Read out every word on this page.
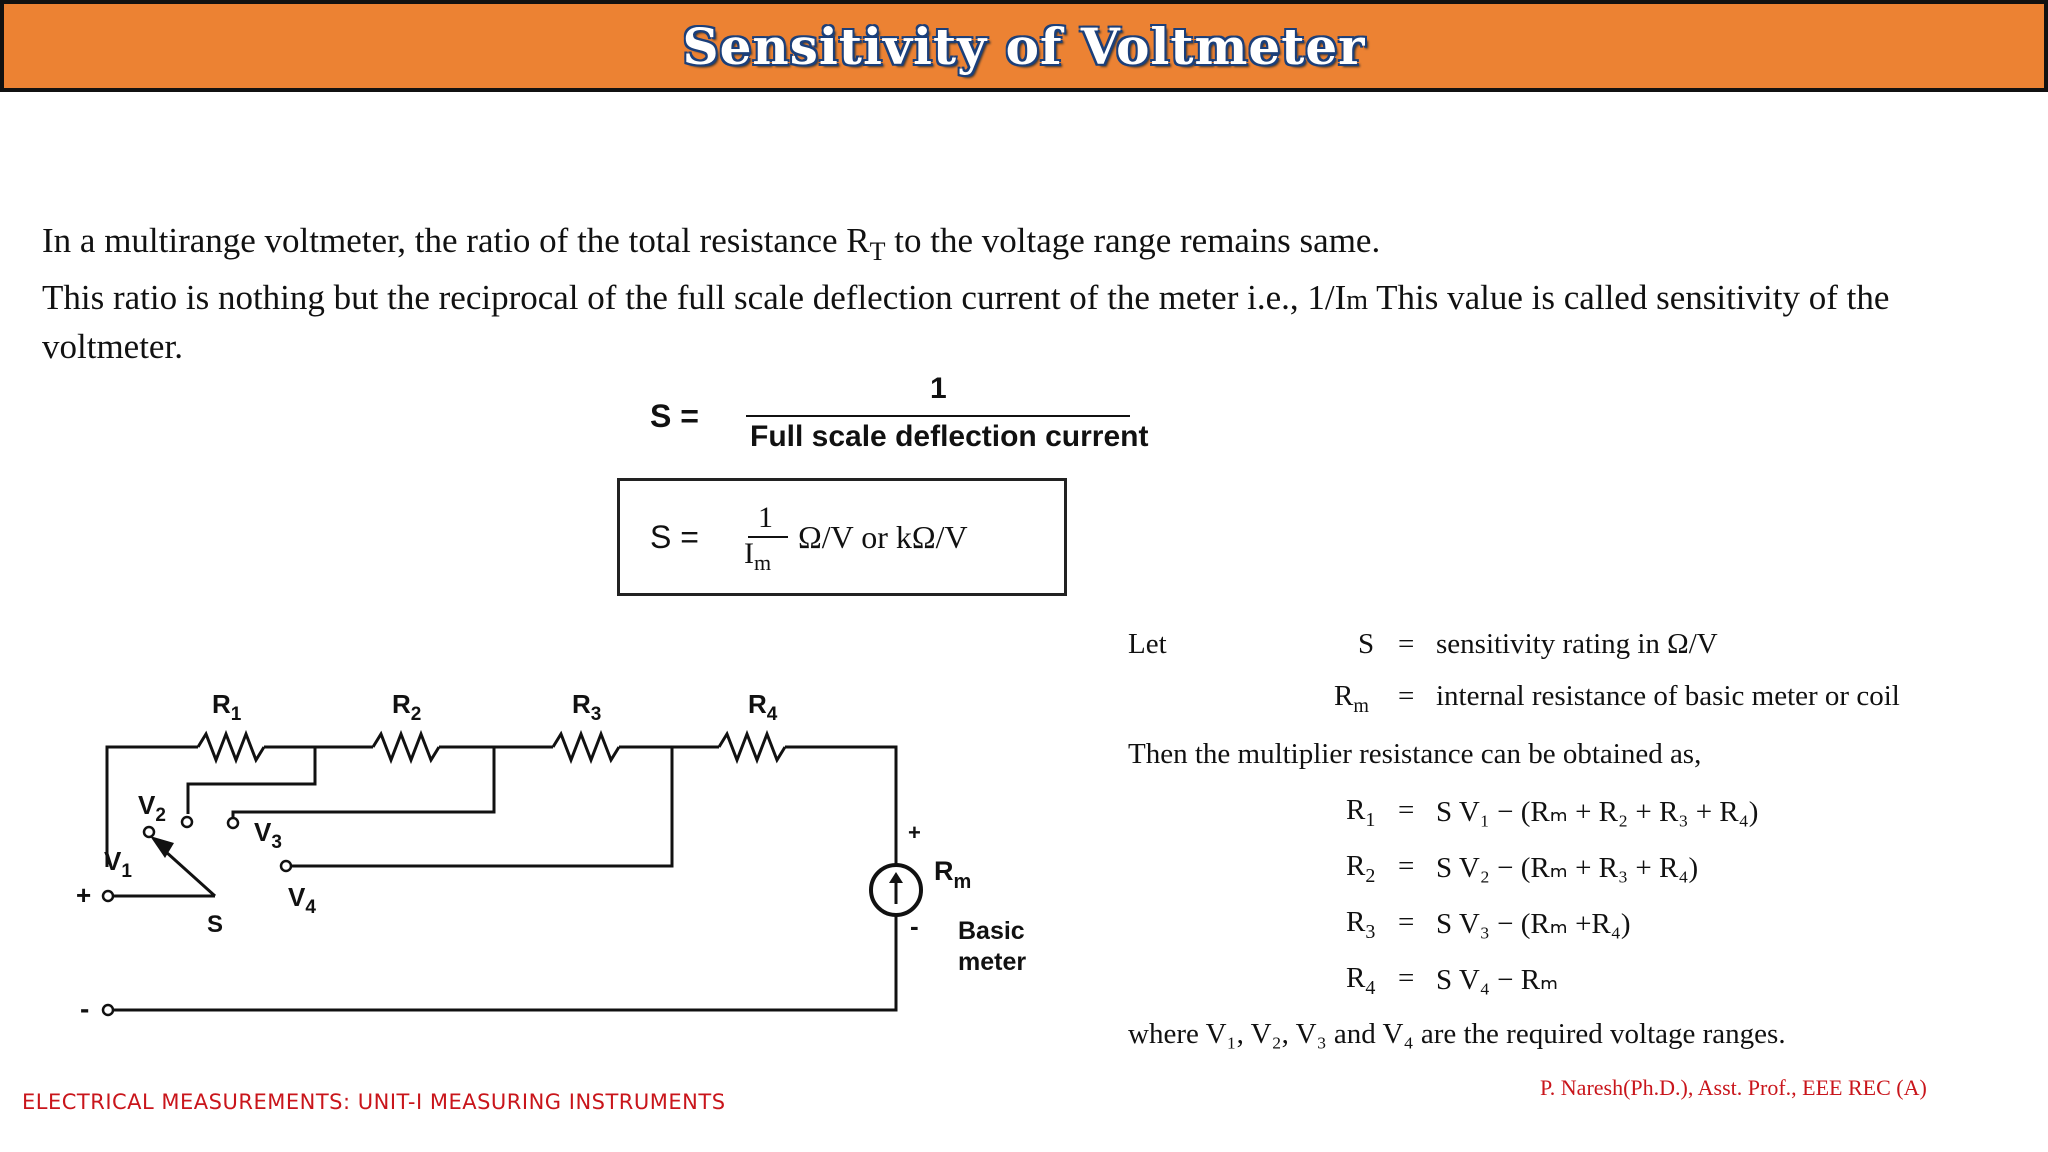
Sensitivity of Voltmeter

In a multirange voltmeter, the ratio of the total resistance $R_T$ to the voltage range remains same.

This ratio is nothing but the reciprocal of the full scale deflection current of the meter i.e., 1/Im This value is called sensitivity of the voltmeter.

S =
1
Full scale deflection current
S =
1
$I_m$
Ω/V or kΩ/V
$R_1$	$R_2$	$R_3$	$R_4$
$V_1$
$V_2$
$V_3$
$V_4$
S
+
-
+
-
$R_m$
Basic
meter
Let	S = sensitivity rating in Ω/V
$R_m$ = internal resistance of basic meter or coil
Then the multiplier resistance can be obtained as,
$R_1 = S$ V₁ − (Rₘ + R₂ + R₃ + R₄)
$R_2 = S$ V₂ − (Rₘ + R₃ + R₄)
$R_3 = S$ V₃ − (Rₘ +R₄)
$R_4 = S$ V₄ − Rₘ
where V₁, V₂, V₃ and V₄ are the required voltage ranges.
ELECTRICAL MEASUREMENTS: UNIT-I MEASURING INSTRUMENTS
P. Naresh(Ph.D.), Asst. Prof., EEE REC (A)
